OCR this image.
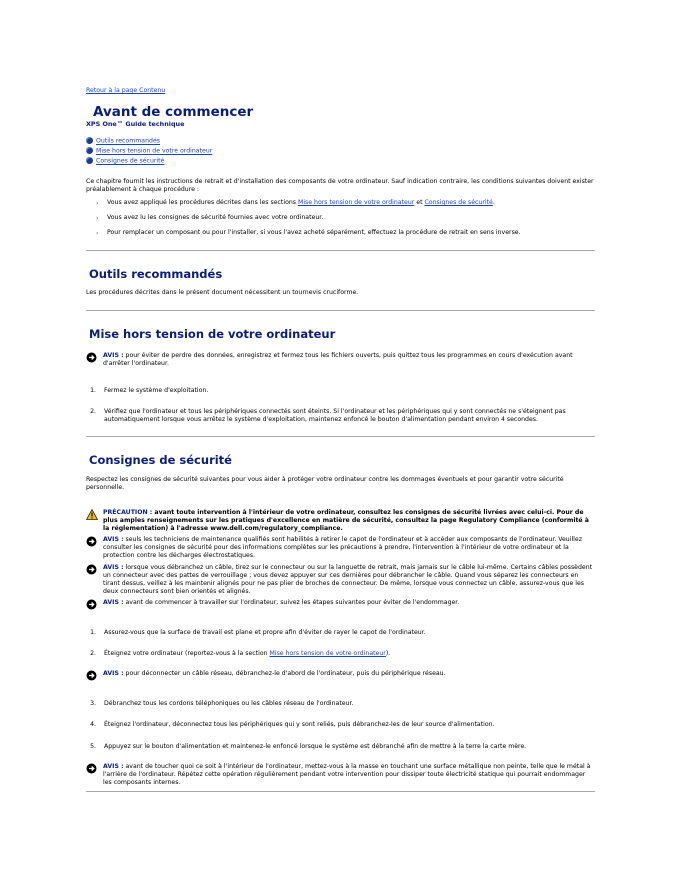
Retour à la page Contenu
Avant de commencer
XPS One™ Guide technique
Outils recommandés
Mise hors tension de votre ordinateur
Consignes de sécurité
Ce chapitre fournit les instructions de retrait et d'installation des composants de votre ordinateur. Sauf indication contraire, les conditions suivantes doivent exister préalablement à chaque procédure :
› Vous avez appliqué les procédures décrites dans les sections Mise hors tension de votre ordinateur et Consignes de sécurité.
› Vous avez lu les consignes de sécurité fournies avec votre ordinateur.
› Pour remplacer un composant ou pour l'installer, si vous l'avez acheté séparément, effectuez la procédure de retrait en sens inverse.
Outils recommandés
Les procédures décrites dans le présent document nécessitent un tournevis cruciforme.
Mise hors tension de votre ordinateur
AVIS : pour éviter de perdre des données, enregistrez et fermez tous les fichiers ouverts, puis quittez tous les programmes en cours d'exécution avant d'arrêter l'ordinateur.
1. Fermez le système d'exploitation.
2. Vérifiez que l'ordinateur et tous les périphériques connectés sont éteints. Si l'ordinateur et les périphériques qui y sont connectés ne s'éteignent pas automatiquement lorsque vous arrêtez le système d'exploitation, maintenez enfoncé le bouton d'alimentation pendant environ 4 secondes.
Consignes de sécurité
Respectez les consignes de sécurité suivantes pour vous aider à protéger votre ordinateur contre les dommages éventuels et pour garantir votre sécurité personnelle.
PRÉCAUTION : avant toute intervention à l'intérieur de votre ordinateur, consultez les consignes de sécurité livrées avec celui-ci. Pour de plus amples renseignements sur les pratiques d'excellence en matière de sécurité, consultez la page Regulatory Compliance (conformité à la réglementation) à l'adresse www.dell.com/regulatory_compliance.
AVIS : seuls les techniciens de maintenance qualifiés sont habilités à retirer le capot de l'ordinateur et à accéder aux composants de l'ordinateur. Veuillez consulter les consignes de sécurité pour des informations complètes sur les précautions à prendre, l'intervention à l'intérieur de votre ordinateur et la protection contre les décharges électrostatiques.
AVIS : lorsque vous débranchez un câble, tirez sur le connecteur ou sur la languette de retrait, mais jamais sur le câble lui-même. Certains câbles possèdent un connecteur avec des pattes de verrouillage ; vous devez appuyer sur ces dernières pour débrancher le câble. Quand vous séparez les connecteurs en tirant dessus, veillez à les maintenir alignés pour ne pas plier de broches de connecteur. De même, lorsque vous connectez un câble, assurez-vous que les deux connecteurs sont bien orientés et alignés.
AVIS : avant de commencer à travailler sur l'ordinateur, suivez les étapes suivantes pour éviter de l'endommager.
1. Assurez-vous que la surface de travail est plane et propre afin d'éviter de rayer le capot de l'ordinateur.
2. Éteignez votre ordinateur (reportez-vous à la section Mise hors tension de votre ordinateur).
AVIS : pour déconnecter un câble réseau, débranchez-le d'abord de l'ordinateur, puis du périphérique réseau.
3. Débranchez tous les cordons téléphoniques ou les câbles réseau de l'ordinateur.
4. Éteignez l'ordinateur, déconnectez tous les périphériques qui y sont reliés, puis débranchez-les de leur source d'alimentation.
5. Appuyez sur le bouton d'alimentation et maintenez-le enfoncé lorsque le système est débranché afin de mettre à la terre la carte mère.
AVIS : avant de toucher quoi ce soit à l'intérieur de l'ordinateur, mettez-vous à la masse en touchant une surface métallique non peinte, telle que le métal à l'arrière de l'ordinateur. Répétez cette opération régulièrement pendant votre intervention pour dissiper toute électricité statique qui pourrait endommager les composants internes.
